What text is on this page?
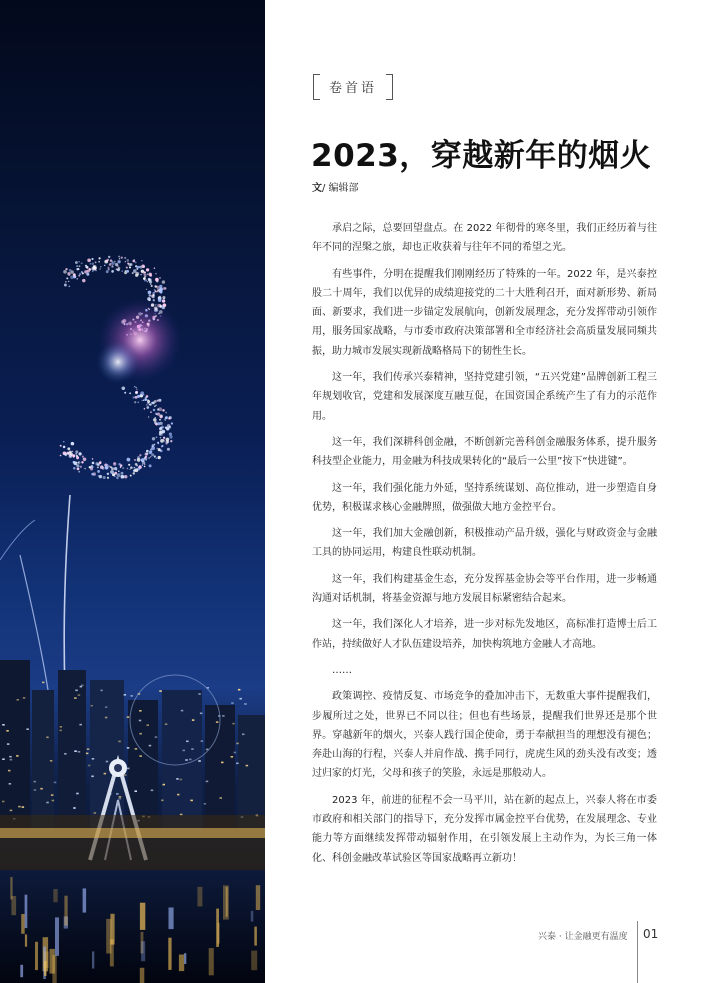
卷首语
2023，穿越新年的烟火
文/ 编辑部

承启之际，总要回望盘点。在 2022 年彻骨的寒冬里，我们正经历着与往年不同的涅槃之旅，却也正收获着与往年不同的希望之光。

有些事件，分明在提醒我们刚刚经历了特殊的一年。2022 年，是兴泰控股二十周年，我们以优异的成绩迎接党的二十大胜利召开，面对新形势、新局面、新要求，我们进一步锚定发展航向，创新发展理念，充分发挥带动引领作用，服务国家战略，与市委市政府决策部署和全市经济社会高质量发展同频共振，助力城市发展实现新战略格局下的韧性生长。

这一年，我们传承兴泰精神，坚持党建引领，“五兴党建”品牌创新工程三年规划收官，党建和发展深度互融互促，在国资国企系统产生了有力的示范作用。

这一年，我们深耕科创金融，不断创新完善科创金融服务体系，提升服务科技型企业能力，用金融为科技成果转化的“最后一公里”按下“快进键”。

这一年，我们强化能力外延，坚持系统谋划、高位推动，进一步塑造自身优势，积极谋求核心金融牌照，做强做大地方金控平台。

这一年，我们加大金融创新，积极推动产品升级，强化与财政资金与金融工具的协同运用，构建良性联动机制。

这一年，我们构建基金生态，充分发挥基金协会等平台作用，进一步畅通沟通对话机制，将基金资源与地方发展目标紧密结合起来。

这一年，我们深化人才培养，进一步对标先发地区，高标准打造博士后工作站，持续做好人才队伍建设培养，加快构筑地方金融人才高地。

……

政策调控、疫情反复、市场竞争的叠加冲击下，无数重大事件提醒我们，步履所过之处，世界已不同以往；但也有些场景，提醒我们世界还是那个世界。穿越新年的烟火，兴泰人践行国企使命，勇于奉献担当的理想没有褪色；奔赴山海的行程，兴泰人并肩作战、携手同行，虎虎生风的劲头没有改变；透过归家的灯光，父母和孩子的笑脸，永远是那般动人。

2023 年，前进的征程不会一马平川，站在新的起点上，兴泰人将在市委市政府和相关部门的指导下，充分发挥市属金控平台优势，在发展理念、专业能力等方面继续发挥带动辐射作用，在引领发展上主动作为，为长三角一体化、科创金融改革试验区等国家战略再立新功！

兴泰 · 让金融更有温度 01
